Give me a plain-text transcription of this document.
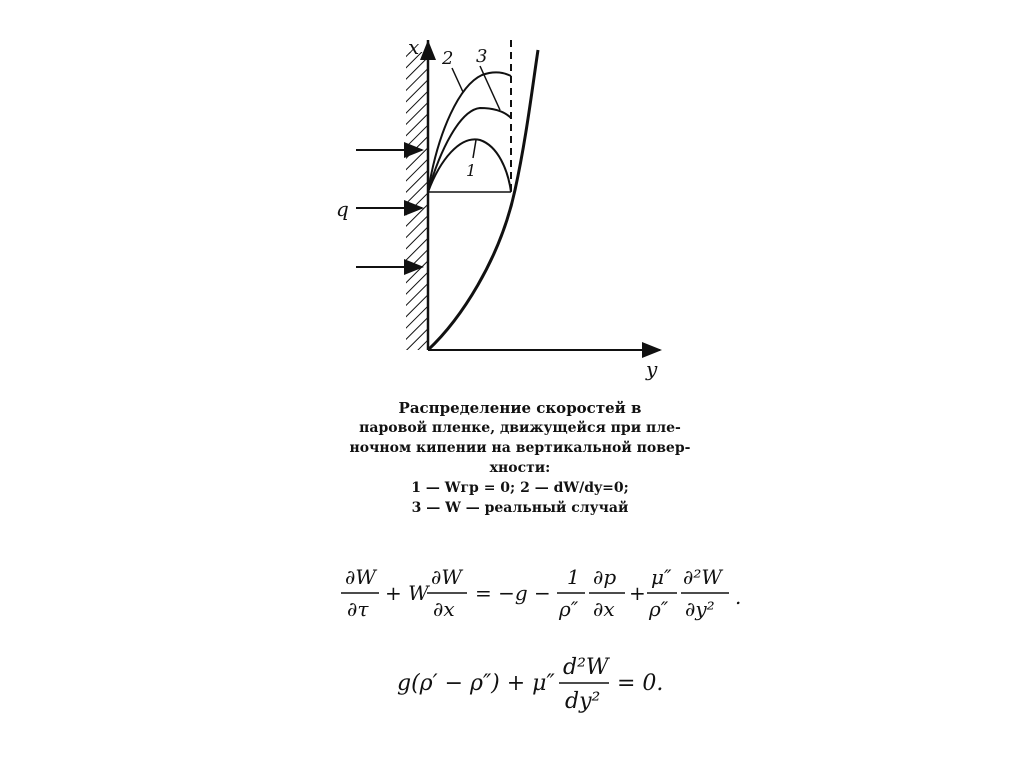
x
y
q
2 3
1
Распределение скоростей в
паровой пленке, движущейся при пле-
ночном кипении на вертикальной повер-
хности:
1 — Wгр = 0; 2 — dW/dy=0;
3 — W — реальный случай
∂W
∂τ
+ W
∂W
∂x
= −g −
1
ρ″
∂p
∂x
+
μ″
ρ″
∂²W
∂y² .
g(ρ′ − ρ″) + μ″
d²W
dy²
= 0.
